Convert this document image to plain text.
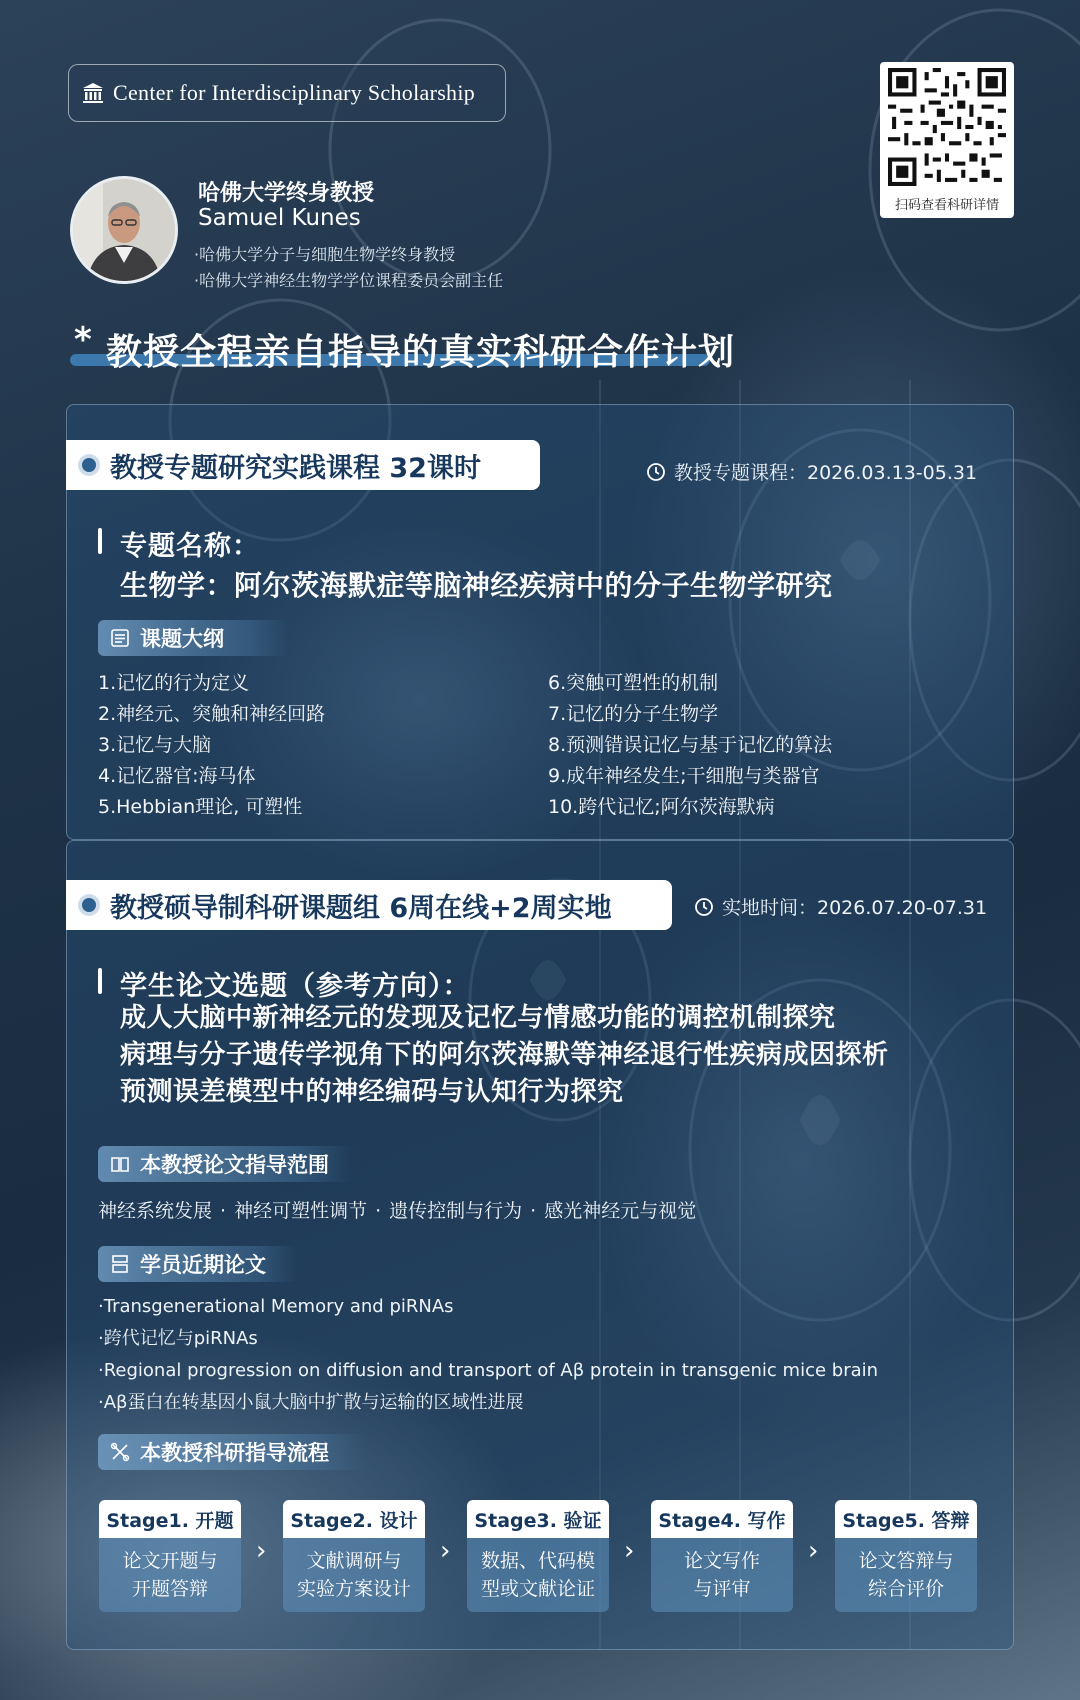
Center for Interdisciplinary Scholarship
扫码查看科研详情
哈佛大学终身教授
Samuel Kunes
·哈佛大学分子与细胞生物学终身教授
·哈佛大学神经生物学学位课程委员会副主任
* 教授全程亲自指导的真实科研合作计划
教授专题研究实践课程 32课时	教授专题课程：2026.03.13-05.31
专题名称：
生物学：阿尔茨海默症等脑神经疾病中的分子生物学研究
课题大纲
1.记忆的行为定义
2.神经元、突触和神经回路
3.记忆与大脑
4.记忆器官:海马体
5.Hebbian理论, 可塑性
6.突触可塑性的机制
7.记忆的分子生物学
8.预测错误记忆与基于记忆的算法
9.成年神经发生;干细胞与类器官
10.跨代记忆;阿尔茨海默病
教授硕导制科研课题组 6周在线+2周实地	实地时间：2026.07.20-07.31
学生论文选题（参考方向）：
成人大脑中新神经元的发现及记忆与情感功能的调控机制探究
病理与分子遗传学视角下的阿尔茨海默等神经退行性疾病成因探析
预测误差模型中的神经编码与认知行为探究
本教授论文指导范围
神经系统发展 · 神经可塑性调节 · 遗传控制与行为 · 感光神经元与视觉
学员近期论文
·Transgenerational Memory and piRNAs
·跨代记忆与piRNAs
·Regional progression on diffusion and transport of Aβ protein in transgenic mice brain
·Aβ蛋白在转基因小鼠大脑中扩散与运输的区域性进展
本教授科研指导流程
Stage1. 开题
论文开题与
开题答辩
›
Stage2. 设计
文献调研与
实验方案设计
›
Stage3. 验证
数据、代码模
型或文献论证
›
Stage4. 写作
论文写作
与评审
›
Stage5. 答辩
论文答辩与
综合评价
